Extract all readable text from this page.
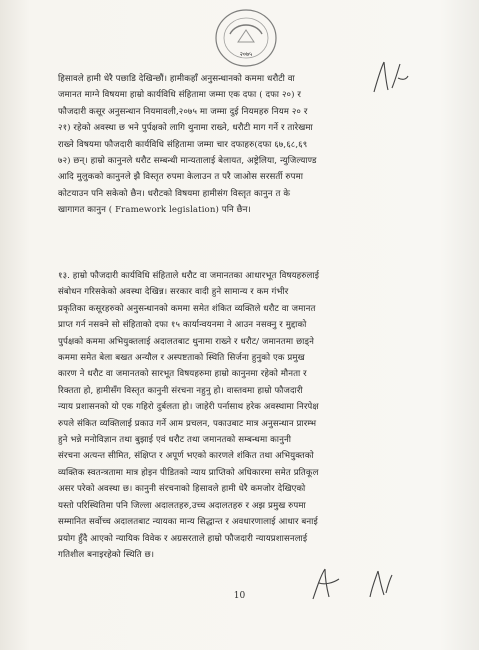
२०७५
हिसावले हामी धेरै पछाडि देखिन्छौं। हामीकहाँ अनुसन्धानको कममा धरौटी वा
जमानत माग्ने विषयमा हाम्रो कार्यविधि संहितामा जम्मा एक दफा ( दफा २०) र
फौजदारी कसूर अनुसन्धान नियमावली,२०७५ मा जम्मा दुई नियमहरु नियम २० र
२१) रहेको अवस्था छ भने पुर्पक्षको लागि थुनामा राख्ने, धरौटी माग गर्ने र तारेखमा
राख्ने विषयमा फौजदारी कार्यविधि संहितामा जम्मा चार दफाहरु(दफा ६७,६८,६९
७२) छन्। हाम्रो कानुनले धरौट सम्बन्धी मान्यतालाई बेलायत, अष्ट्रेलिया, न्युजिल्याण्ड
आदि मुलुकको कानुनले झै विस्तृत रुपमा केलाउन त परै जाओस सरसर्ती रुपमा
कोटयाउन पनि सकेको छैन। धरौटको विषयमा हामीसंग विस्तृत कानुन त के
खागागत कानुन ( Framework legislation) पनि छैन।
१३. हाम्रो फौजदारी कार्यविधि संहिताले धरौट वा जमानतका आधारभूत विषयहरुलाई
संबोधन गरिसकेको अवस्था देखिन्न। सरकार वादी हुने सामान्य र कम गंभीर
प्रकृतिका कसूरहरुको अनुसन्धानको कममा समेत शंकित व्यक्तिले धरौट वा जमानत
प्राप्त गर्न नसक्ने सो संहिताको दफा १५ कार्यान्वयनमा ने आउन नसक्नु र मुद्दाको
पुर्पक्षको कममा अभियुक्तलाई अदालतबाट थुनामा राख्ने र धरौट/ जमानतमा छाड्ने
कममा समेत बेला बखत अन्यौल र अस्पष्टताको स्थिति सिर्जना हुनुको एक प्रमुख
कारण ने धरौट वा जमानतको सारभूत विषयहरुमा हाम्रो कानुनमा रहेको मौनता र
रिक्तता हो, हामीसँग विस्तृत कानुनी संरचना नहुनु हो। वास्तवमा हाम्रो फौजदारी
न्याय प्रशासनको यो एक गहिरो दुर्बलता हो। जाहेरी पर्नासाथ हरेक अवस्थामा निरपेक्ष
रुपले संकित व्यक्तिलाई प्रकाउ गर्ने आम प्रचलन, पकाउबाट मात्र अनुसन्धान प्रारम्भ
हुने भन्ने मनोविज्ञान तथा बुझाई एवं धरौट तथा जमानतको सम्बन्धमा कानुनी
संरचना अत्यन्त सीमित, संक्षिप्त र अपूर्ण भएको कारणले शंकित तथा अभियुक्तको
व्यक्तिक स्वतन्त्रतामा मात्र होइन पीडितको न्याय प्राप्तिको अधिकारमा समेत प्रतिकूल
असर परेको अवस्था छ। कानुनी संरचनाको हिसावले हामी धेरै कमजोर देखिएको
यस्तो परिस्थितिमा पनि जिल्ला अदालतहरु,उच्च अदालतहरु र अझ प्रमुख रुपमा
सम्मानित सर्वोच्च अदालतबाट न्यायका मान्य सिद्धान्त र अवधारणालाई आधार बनाई
प्रयोग हुँदै आएको न्यायिक विवेक र अग्रसरताले हाम्रो फौजदारी न्यायप्रशासनलाई
गतिशील बनाइरहेको स्थिति छ।
10
